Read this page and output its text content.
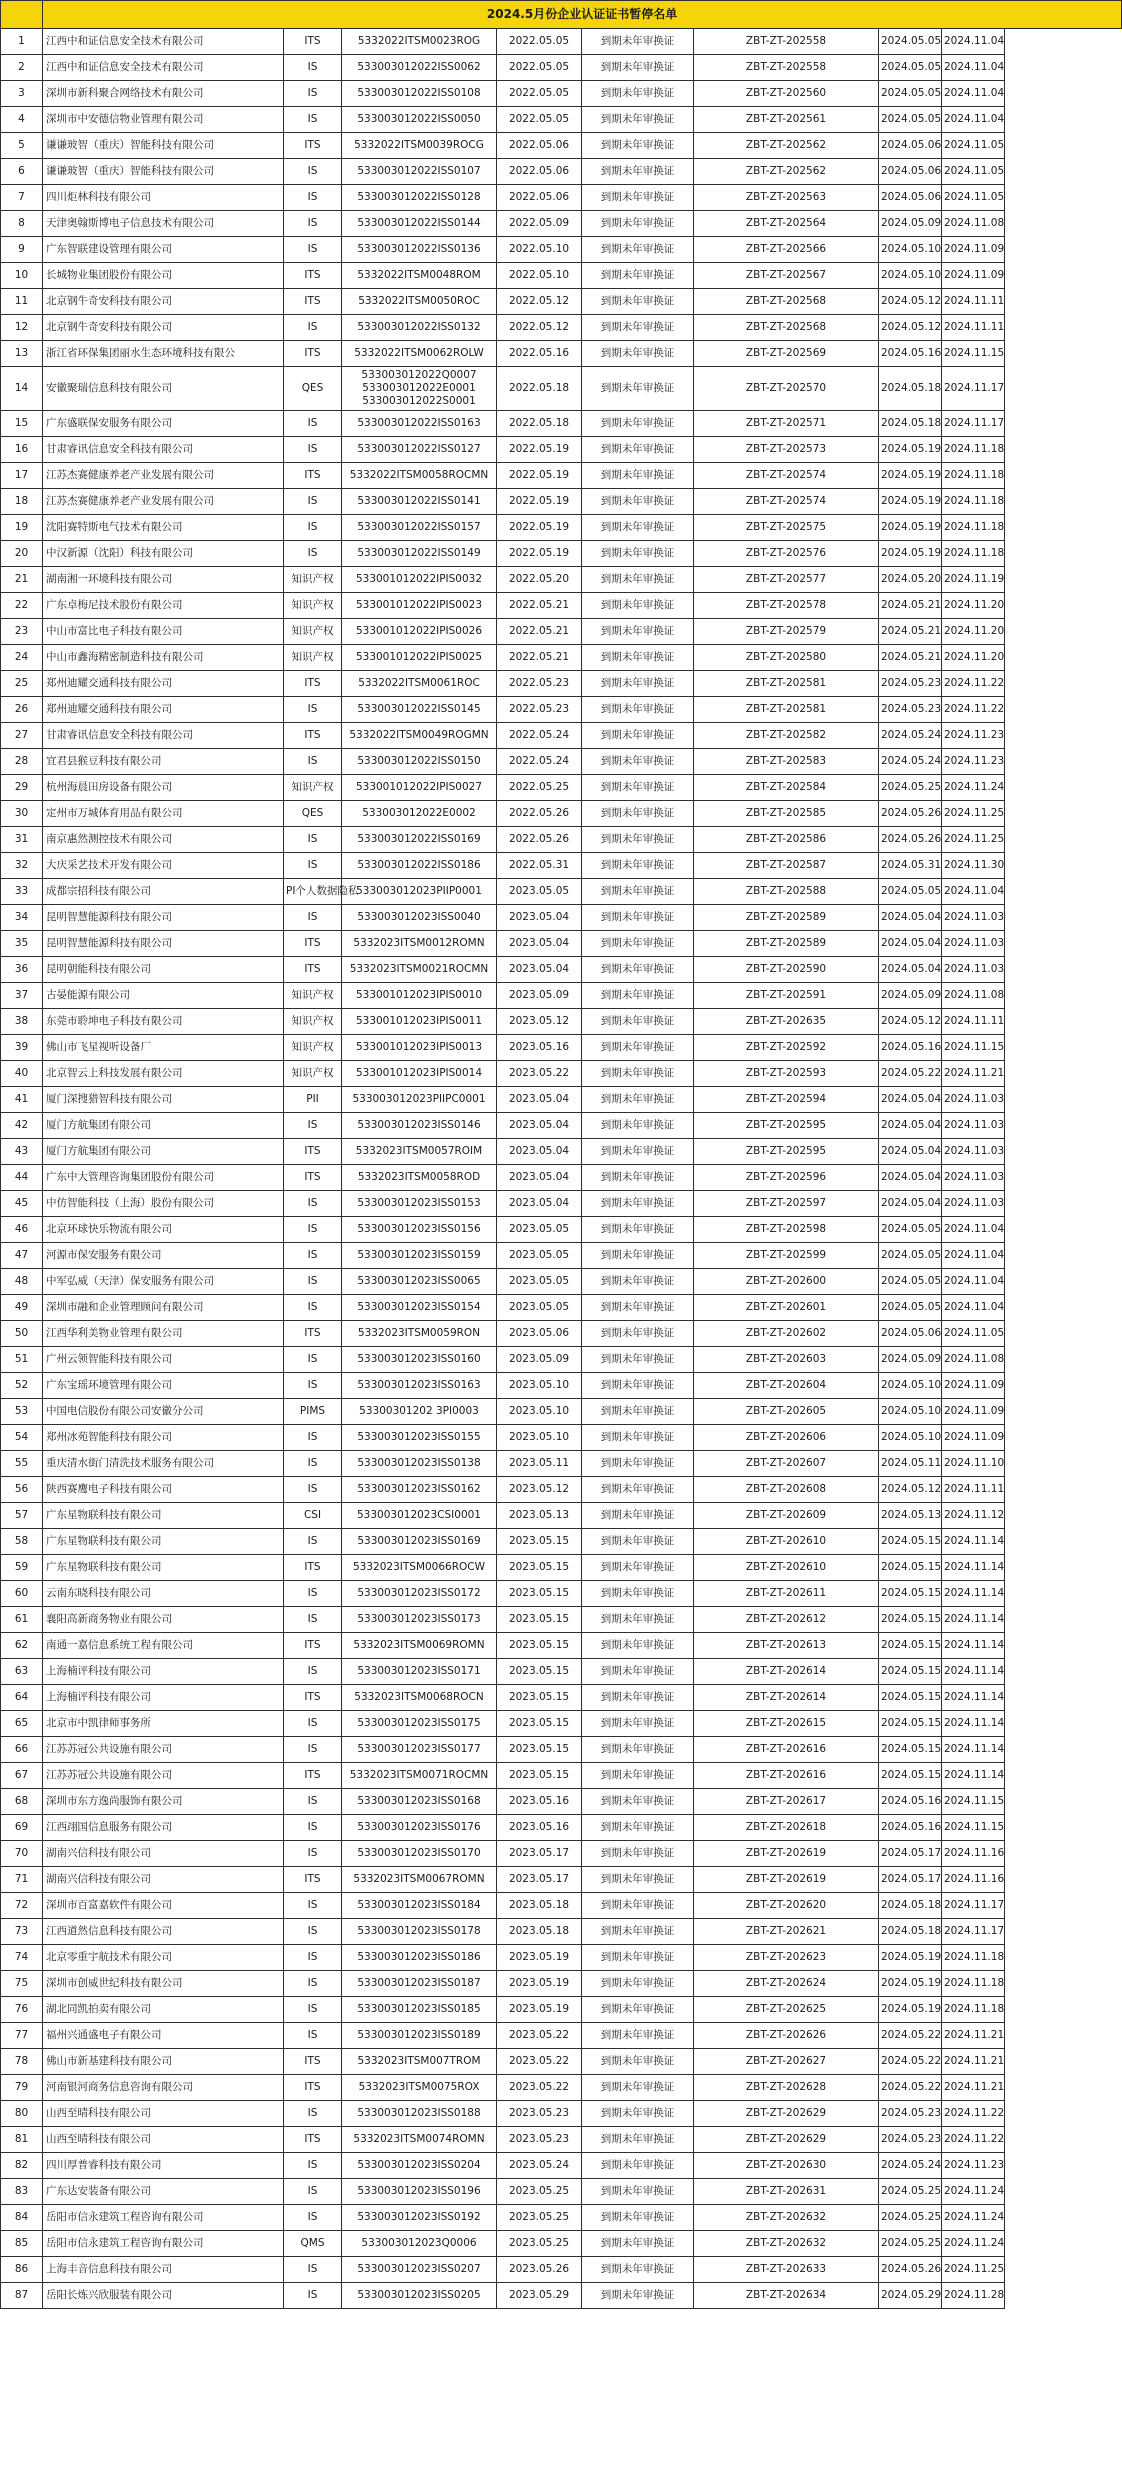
	2024.5月份企业认证证书暂停名单							
1	江西中和证信息安全技术有限公司	ITS	5332022ITSM0023ROG	2022.05.05	到期未年审换证	ZBT-ZT-202558	2024.05.05	2024.11.04
2	江西中和证信息安全技术有限公司	IS	533003012022ISS0062	2022.05.05	到期未年审换证	ZBT-ZT-202558	2024.05.05	2024.11.04
3	深圳市新科聚合网络技术有限公司	IS	533003012022ISS0108	2022.05.05	到期未年审换证	ZBT-ZT-202560	2024.05.05	2024.11.04
4	深圳市中安德信物业管理有限公司	IS	533003012022ISS0050	2022.05.05	到期未年审换证	ZBT-ZT-202561	2024.05.05	2024.11.04
5	谦谦玻智（重庆）智能科技有限公司	ITS	5332022ITSM0039ROCG	2022.05.06	到期未年审换证	ZBT-ZT-202562	2024.05.06	2024.11.05
6	谦谦玻智（重庆）智能科技有限公司	IS	533003012022ISS0107	2022.05.06	到期未年审换证	ZBT-ZT-202562	2024.05.06	2024.11.05
7	四川炬林科技有限公司	IS	533003012022ISS0128	2022.05.06	到期未年审换证	ZBT-ZT-202563	2024.05.06	2024.11.05
8	天津奥翰斯博电子信息技术有限公司	IS	533003012022ISS0144	2022.05.09	到期未年审换证	ZBT-ZT-202564	2024.05.09	2024.11.08
9	广东智联建设管理有限公司	IS	533003012022ISS0136	2022.05.10	到期未年审换证	ZBT-ZT-202566	2024.05.10	2024.11.09
10	长城物业集团股份有限公司	ITS	5332022ITSM0048ROM	2022.05.10	到期未年审换证	ZBT-ZT-202567	2024.05.10	2024.11.09
11	北京钢牛奇安科技有限公司	ITS	5332022ITSM0050ROC	2022.05.12	到期未年审换证	ZBT-ZT-202568	2024.05.12	2024.11.11
12	北京钢牛奇安科技有限公司	IS	533003012022ISS0132	2022.05.12	到期未年审换证	ZBT-ZT-202568	2024.05.12	2024.11.11
13	浙江省环保集团丽水生态环境科技有限公	ITS	5332022ITSM0062ROLW	2022.05.16	到期未年审换证	ZBT-ZT-202569	2024.05.16	2024.11.15
14	安徽聚瑞信息科技有限公司	QES	533003012022Q0007
533003012022E0001
533003012022S0001	2022.05.18	到期未年审换证	ZBT-ZT-202570	2024.05.18	2024.11.17
15	广东盛联保安服务有限公司	IS	533003012022ISS0163	2022.05.18	到期未年审换证	ZBT-ZT-202571	2024.05.18	2024.11.17
16	甘肃睿讯信息安全科技有限公司	IS	533003012022ISS0127	2022.05.19	到期未年审换证	ZBT-ZT-202573	2024.05.19	2024.11.18
17	江苏杰赛健康养老产业发展有限公司	ITS	5332022ITSM0058ROCMN	2022.05.19	到期未年审换证	ZBT-ZT-202574	2024.05.19	2024.11.18
18	江苏杰赛健康养老产业发展有限公司	IS	533003012022ISS0141	2022.05.19	到期未年审换证	ZBT-ZT-202574	2024.05.19	2024.11.18
19	沈阳赛特斯电气技术有限公司	IS	533003012022ISS0157	2022.05.19	到期未年审换证	ZBT-ZT-202575	2024.05.19	2024.11.18
20	中汉新源（沈阳）科技有限公司	IS	533003012022ISS0149	2022.05.19	到期未年审换证	ZBT-ZT-202576	2024.05.19	2024.11.18
21	湖南湘一环境科技有限公司	知识产权	533001012022IPIS0032	2022.05.20	到期未年审换证	ZBT-ZT-202577	2024.05.20	2024.11.19
22	广东卓梅尼技术股份有限公司	知识产权	533001012022IPIS0023	2022.05.21	到期未年审换证	ZBT-ZT-202578	2024.05.21	2024.11.20
23	中山市富比电子科技有限公司	知识产权	533001012022IPIS0026	2022.05.21	到期未年审换证	ZBT-ZT-202579	2024.05.21	2024.11.20
24	中山市鑫海精密制造科技有限公司	知识产权	533001012022IPIS0025	2022.05.21	到期未年审换证	ZBT-ZT-202580	2024.05.21	2024.11.20
25	郑州迪耀交通科技有限公司	ITS	5332022ITSM0061ROC	2022.05.23	到期未年审换证	ZBT-ZT-202581	2024.05.23	2024.11.22
26	郑州迪耀交通科技有限公司	IS	533003012022ISS0145	2022.05.23	到期未年审换证	ZBT-ZT-202581	2024.05.23	2024.11.22
27	甘肃睿讯信息安全科技有限公司	ITS	5332022ITSM0049ROGMN	2022.05.24	到期未年审换证	ZBT-ZT-202582	2024.05.24	2024.11.23
28	宜君县猴豆科技有限公司	IS	533003012022ISS0150	2022.05.24	到期未年审换证	ZBT-ZT-202583	2024.05.24	2024.11.23
29	杭州海晨田房设备有限公司	知识产权	533001012022IPIS0027	2022.05.25	到期未年审换证	ZBT-ZT-202584	2024.05.25	2024.11.24
30	定州市万城体育用品有限公司	QES	533003012022E0002	2022.05.26	到期未年审换证	ZBT-ZT-202585	2024.05.26	2024.11.25
31	南京惠然测控技术有限公司	IS	533003012022ISS0169	2022.05.26	到期未年审换证	ZBT-ZT-202586	2024.05.26	2024.11.25
32	大庆采艺技术开发有限公司	IS	533003012022ISS0186	2022.05.31	到期未年审换证	ZBT-ZT-202587	2024.05.31	2024.11.30
33	成都宗招科技有限公司	PI个人数据隐私	533003012023PIIP0001	2023.05.05	到期未年审换证	ZBT-ZT-202588	2024.05.05	2024.11.04
34	昆明智慧能源科技有限公司	IS	533003012023ISS0040	2023.05.04	到期未年审换证	ZBT-ZT-202589	2024.05.04	2024.11.03
35	昆明智慧能源科技有限公司	ITS	5332023ITSM0012ROMN	2023.05.04	到期未年审换证	ZBT-ZT-202589	2024.05.04	2024.11.03
36	昆明朝能科技有限公司	ITS	5332023ITSM0021ROCMN	2023.05.04	到期未年审换证	ZBT-ZT-202590	2024.05.04	2024.11.03
37	古晏能源有限公司	知识产权	533001012023IPIS0010	2023.05.09	到期未年审换证	ZBT-ZT-202591	2024.05.09	2024.11.08
38	东莞市聆坤电子科技有限公司	知识产权	533001012023IPIS0011	2023.05.12	到期未年审换证	ZBT-ZT-202635	2024.05.12	2024.11.11
39	佛山市飞星视听设备厂	知识产权	533001012023IPIS0013	2023.05.16	到期未年审换证	ZBT-ZT-202592	2024.05.16	2024.11.15
40	北京智云上科技发展有限公司	知识产权	533001012023IPIS0014	2023.05.22	到期未年审换证	ZBT-ZT-202593	2024.05.22	2024.11.21
41	厦门深搜猎智科技有限公司	PII	533003012023PIIPC0001	2023.05.04	到期未年审换证	ZBT-ZT-202594	2024.05.04	2024.11.03
42	厦门方航集团有限公司	IS	533003012023ISS0146	2023.05.04	到期未年审换证	ZBT-ZT-202595	2024.05.04	2024.11.03
43	厦门方航集团有限公司	ITS	5332023ITSM0057ROIM	2023.05.04	到期未年审换证	ZBT-ZT-202595	2024.05.04	2024.11.03
44	广东中大管理咨询集团股份有限公司	ITS	5332023ITSM0058ROD	2023.05.04	到期未年审换证	ZBT-ZT-202596	2024.05.04	2024.11.03
45	中仿智能科技（上海）股份有限公司	IS	533003012023ISS0153	2023.05.04	到期未年审换证	ZBT-ZT-202597	2024.05.04	2024.11.03
46	北京环球快乐物流有限公司	IS	533003012023ISS0156	2023.05.05	到期未年审换证	ZBT-ZT-202598	2024.05.05	2024.11.04
47	河源市保安服务有限公司	IS	533003012023ISS0159	2023.05.05	到期未年审换证	ZBT-ZT-202599	2024.05.05	2024.11.04
48	中军弘威（天津）保安服务有限公司	IS	533003012023ISS0065	2023.05.05	到期未年审换证	ZBT-ZT-202600	2024.05.05	2024.11.04
49	深圳市融和企业管理顾问有限公司	IS	533003012023ISS0154	2023.05.05	到期未年审换证	ZBT-ZT-202601	2024.05.05	2024.11.04
50	江西华利美物业管理有限公司	ITS	5332023ITSM0059RON	2023.05.06	到期未年审换证	ZBT-ZT-202602	2024.05.06	2024.11.05
51	广州云领智能科技有限公司	IS	533003012023ISS0160	2023.05.09	到期未年审换证	ZBT-ZT-202603	2024.05.09	2024.11.08
52	广东宝瑶环境管理有限公司	IS	533003012023ISS0163	2023.05.10	到期未年审换证	ZBT-ZT-202604	2024.05.10	2024.11.09
53	中国电信股份有限公司安徽分公司	PIMS	53300301202 3PI0003	2023.05.10	到期未年审换证	ZBT-ZT-202605	2024.05.10	2024.11.09
54	郑州冰苑智能科技有限公司	IS	533003012023ISS0155	2023.05.10	到期未年审换证	ZBT-ZT-202606	2024.05.10	2024.11.09
55	重庆清水街门清洗技术服务有限公司	IS	533003012023ISS0138	2023.05.11	到期未年审换证	ZBT-ZT-202607	2024.05.11	2024.11.10
56	陕西赛鹰电子科技有限公司	IS	533003012023ISS0162	2023.05.12	到期未年审换证	ZBT-ZT-202608	2024.05.12	2024.11.11
57	广东星物联科技有限公司	CSI	533003012023CSI0001	2023.05.13	到期未年审换证	ZBT-ZT-202609	2024.05.13	2024.11.12
58	广东星物联科技有限公司	IS	533003012023ISS0169	2023.05.15	到期未年审换证	ZBT-ZT-202610	2024.05.15	2024.11.14
59	广东星物联科技有限公司	ITS	5332023ITSM0066ROCW	2023.05.15	到期未年审换证	ZBT-ZT-202610	2024.05.15	2024.11.14
60	云南东晓科技有限公司	IS	533003012023ISS0172	2023.05.15	到期未年审换证	ZBT-ZT-202611	2024.05.15	2024.11.14
61	襄阳高新商务物业有限公司	IS	533003012023ISS0173	2023.05.15	到期未年审换证	ZBT-ZT-202612	2024.05.15	2024.11.14
62	南通一嘉信息系统工程有限公司	ITS	5332023ITSM0069ROMN	2023.05.15	到期未年审换证	ZBT-ZT-202613	2024.05.15	2024.11.14
63	上海楠评科技有限公司	IS	533003012023ISS0171	2023.05.15	到期未年审换证	ZBT-ZT-202614	2024.05.15	2024.11.14
64	上海楠评科技有限公司	ITS	5332023ITSM0068ROCN	2023.05.15	到期未年审换证	ZBT-ZT-202614	2024.05.15	2024.11.14
65	北京市中凯律师事务所	IS	533003012023ISS0175	2023.05.15	到期未年审换证	ZBT-ZT-202615	2024.05.15	2024.11.14
66	江苏苏冠公共设施有限公司	IS	533003012023ISS0177	2023.05.15	到期未年审换证	ZBT-ZT-202616	2024.05.15	2024.11.14
67	江苏苏冠公共设施有限公司	ITS	5332023ITSM0071ROCMN	2023.05.15	到期未年审换证	ZBT-ZT-202616	2024.05.15	2024.11.14
68	深圳市东方逸尚服饰有限公司	IS	533003012023ISS0168	2023.05.16	到期未年审换证	ZBT-ZT-202617	2024.05.16	2024.11.15
69	江西翊国信息服务有限公司	IS	533003012023ISS0176	2023.05.16	到期未年审换证	ZBT-ZT-202618	2024.05.16	2024.11.15
70	湖南兴信科技有限公司	IS	533003012023ISS0170	2023.05.17	到期未年审换证	ZBT-ZT-202619	2024.05.17	2024.11.16
71	湖南兴信科技有限公司	ITS	5332023ITSM0067ROMN	2023.05.17	到期未年审换证	ZBT-ZT-202619	2024.05.17	2024.11.16
72	深圳市百富嘉软件有限公司	IS	533003012023ISS0184	2023.05.18	到期未年审换证	ZBT-ZT-202620	2024.05.18	2024.11.17
73	江西道然信息科技有限公司	IS	533003012023ISS0178	2023.05.18	到期未年审换证	ZBT-ZT-202621	2024.05.18	2024.11.17
74	北京零重宇航技术有限公司	IS	533003012023ISS0186	2023.05.19	到期未年审换证	ZBT-ZT-202623	2024.05.19	2024.11.18
75	深圳市创威世纪科技有限公司	IS	533003012023ISS0187	2023.05.19	到期未年审换证	ZBT-ZT-202624	2024.05.19	2024.11.18
76	湖北同凯拍卖有限公司	IS	533003012023ISS0185	2023.05.19	到期未年审换证	ZBT-ZT-202625	2024.05.19	2024.11.18
77	福州兴通盛电子有限公司	IS	533003012023ISS0189	2023.05.22	到期未年审换证	ZBT-ZT-202626	2024.05.22	2024.11.21
78	佛山市新基建科技有限公司	ITS	5332023ITSM007TROM	2023.05.22	到期未年审换证	ZBT-ZT-202627	2024.05.22	2024.11.21
79	河南银河商务信息咨询有限公司	ITS	5332023ITSM0075ROX	2023.05.22	到期未年审换证	ZBT-ZT-202628	2024.05.22	2024.11.21
80	山西至晴科技有限公司	IS	533003012023ISS0188	2023.05.23	到期未年审换证	ZBT-ZT-202629	2024.05.23	2024.11.22
81	山西至晴科技有限公司	ITS	5332023ITSM0074ROMN	2023.05.23	到期未年审换证	ZBT-ZT-202629	2024.05.23	2024.11.22
82	四川厚普睿科技有限公司	IS	533003012023ISS0204	2023.05.24	到期未年审换证	ZBT-ZT-202630	2024.05.24	2024.11.23
83	广东达安装备有限公司	IS	533003012023ISS0196	2023.05.25	到期未年审换证	ZBT-ZT-202631	2024.05.25	2024.11.24
84	岳阳市信永建筑工程咨询有限公司	IS	533003012023ISS0192	2023.05.25	到期未年审换证	ZBT-ZT-202632	2024.05.25	2024.11.24
85	岳阳市信永建筑工程咨询有限公司	QMS	533003012023Q0006	2023.05.25	到期未年审换证	ZBT-ZT-202632	2024.05.25	2024.11.24
86	上海丰音信息科技有限公司	IS	533003012023ISS0207	2023.05.26	到期未年审换证	ZBT-ZT-202633	2024.05.26	2024.11.25
87	岳阳长炼兴欣服装有限公司	IS	533003012023ISS0205	2023.05.29	到期未年审换证	ZBT-ZT-202634	2024.05.29	2024.11.28
